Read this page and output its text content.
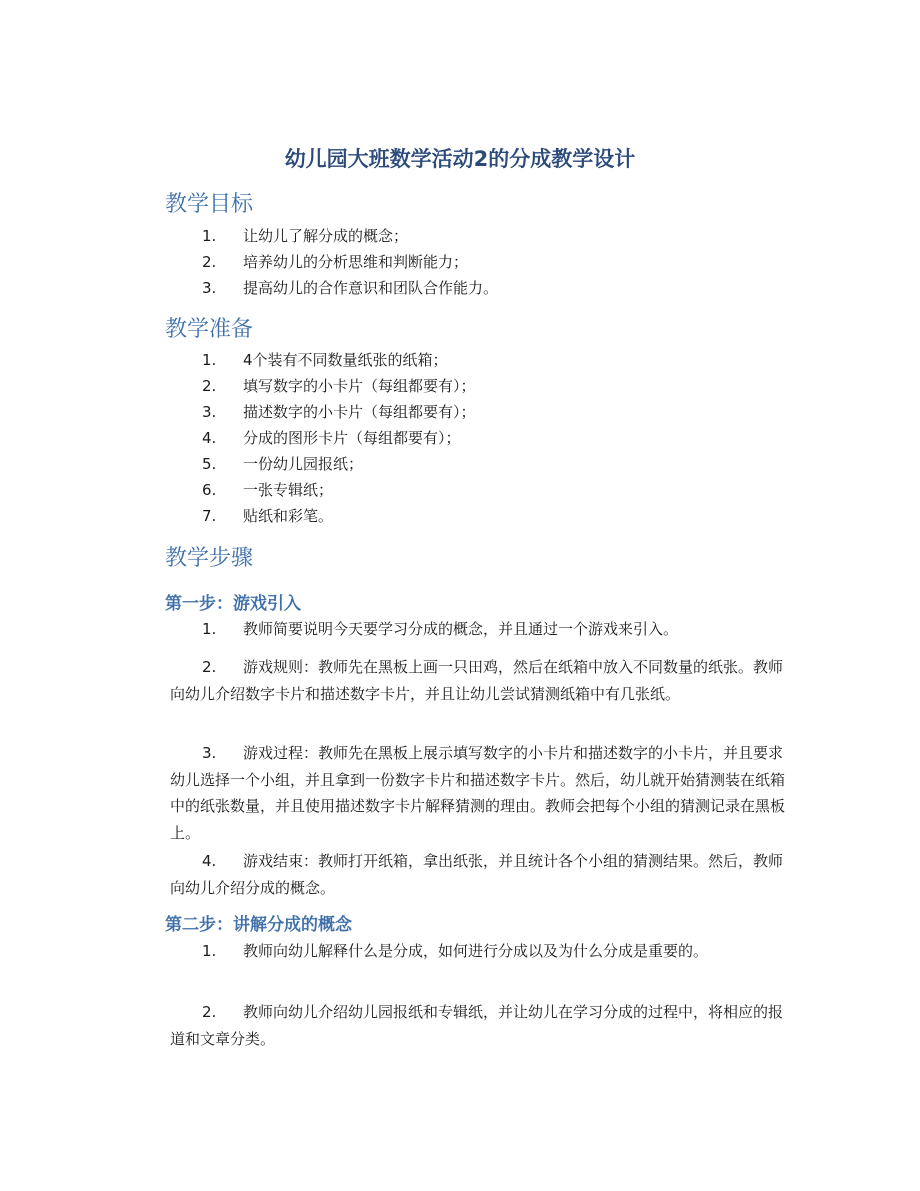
幼儿园大班数学活动2的分成教学设计
教学目标
1. 让幼儿了解分成的概念；
2. 培养幼儿的分析思维和判断能力；
3. 提高幼儿的合作意识和团队合作能力。
教学准备
1. 4个装有不同数量纸张的纸箱；
2. 填写数字的小卡片（每组都要有）；
3. 描述数字的小卡片（每组都要有）；
4. 分成的图形卡片（每组都要有）；
5. 一份幼儿园报纸；
6. 一张专辑纸；
7. 贴纸和彩笔。
教学步骤
第一步：游戏引入
1. 教师简要说明今天要学习分成的概念，并且通过一个游戏来引入。
2. 游戏规则：教师先在黑板上画一只田鸡，然后在纸箱中放入不同数量的纸张。教师向幼儿介绍数字卡片和描述数字卡片，并且让幼儿尝试猜测纸箱中有几张纸。
3. 游戏过程：教师先在黑板上展示填写数字的小卡片和描述数字的小卡片，并且要求幼儿选择一个小组，并且拿到一份数字卡片和描述数字卡片。然后，幼儿就开始猜测装在纸箱中的纸张数量，并且使用描述数字卡片解释猜测的理由。教师会把每个小组的猜测记录在黑板上。
4. 游戏结束：教师打开纸箱，拿出纸张，并且统计各个小组的猜测结果。然后，教师向幼儿介绍分成的概念。
第二步：讲解分成的概念
1. 教师向幼儿解释什么是分成，如何进行分成以及为什么分成是重要的。
2. 教师向幼儿介绍幼儿园报纸和专辑纸，并让幼儿在学习分成的过程中，将相应的报道和文章分类。
